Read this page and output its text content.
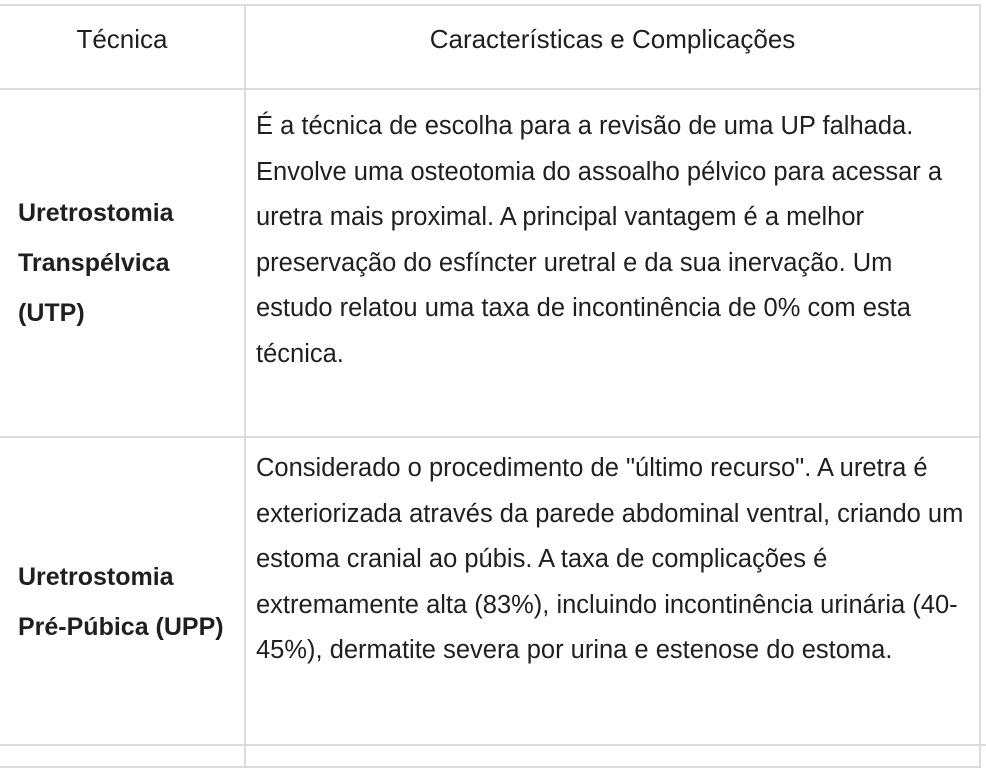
Técnica	Características e Complicações
Uretrostomia Transpélvica (UTP)	É a técnica de escolha para a revisão de uma UP falhada. Envolve uma osteotomia do assoalho pélvico para acessar a uretra mais proximal. A principal vantagem é a melhor preservação do esfíncter uretral e da sua inervação. Um estudo relatou uma taxa de incontinência de 0% com esta técnica.
Uretrostomia Pré-Púbica (UPP)	Considerado o procedimento de "último recurso". A uretra é exteriorizada através da parede abdominal ventral, criando um estoma cranial ao púbis. A taxa de complicações é extremamente alta (83%), incluindo incontinência urinária (40-45%), dermatite severa por urina e estenose do estoma.
